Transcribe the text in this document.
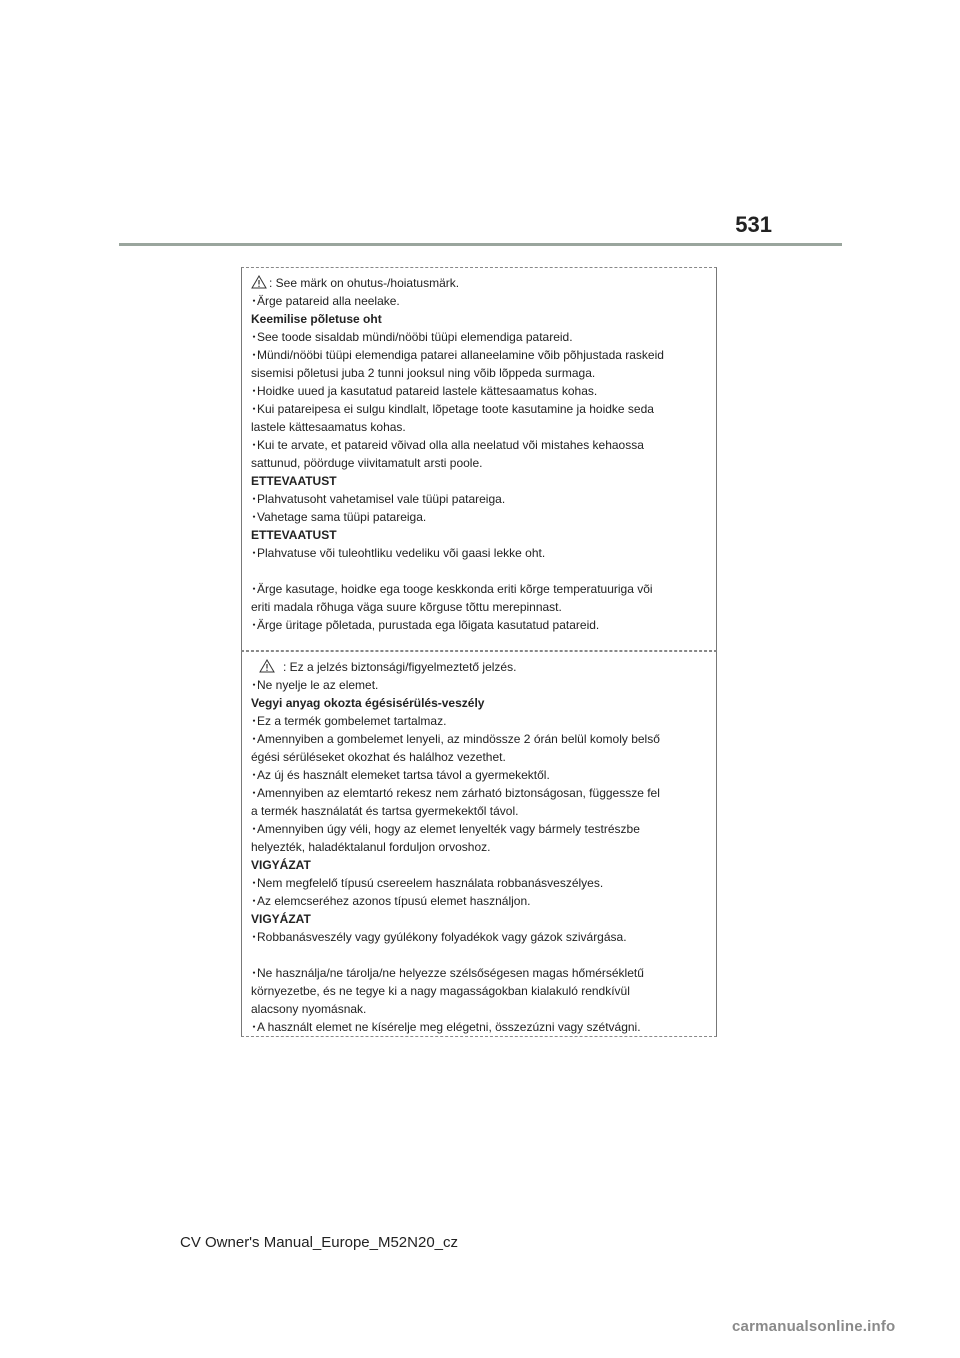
531
: See märk on ohutus-/hoiatusmärk.
･Ärge patareid alla neelake.
Keemilise põletuse oht
･See toode sisaldab mündi/nööbi tüüpi elemendiga patareid.
･Mündi/nööbi tüüpi elemendiga patarei allaneelamine võib põhjustada raskeid
sisemisi põletusi juba 2 tunni jooksul ning võib lõppeda surmaga.
･Hoidke uued ja kasutatud patareid lastele kättesaamatus kohas.
･Kui patareipesa ei sulgu kindlalt, lõpetage toote kasutamine ja hoidke seda
lastele kättesaamatus kohas.
･Kui te arvate, et patareid võivad olla alla neelatud või mistahes kehaossa
sattunud, pöörduge viivitamatult arsti poole.
ETTEVAATUST
･Plahvatusoht vahetamisel vale tüüpi patareiga.
･Vahetage sama tüüpi patareiga.
ETTEVAATUST
･Plahvatuse või tuleohtliku vedeliku või gaasi lekke oht.
･Ärge kasutage, hoidke ega tooge keskkonda eriti kõrge temperatuuriga või
eriti madala rõhuga väga suure kõrguse tõttu merepinnast.
･Ärge üritage põletada, purustada ega lõigata kasutatud patareid.
: Ez a jelzés biztonsági/figyelmeztető jelzés.
･Ne nyelje le az elemet.
Vegyi anyag okozta égésisérülés-veszély
･Ez a termék gombelemet tartalmaz.
･Amennyiben a gombelemet lenyeli, az mindössze 2 órán belül komoly belső
égési sérüléseket okozhat és halálhoz vezethet.
･Az új és használt elemeket tartsa távol a gyermekektől.
･Amennyiben az elemtartó rekesz nem zárható biztonságosan, függessze fel
a termék használatát és tartsa gyermekektől távol.
･Amennyiben úgy véli, hogy az elemet lenyelték vagy bármely testrészbe
helyezték, haladéktalanul forduljon orvoshoz.
VIGYÁZAT
･Nem megfelelő típusú csereelem használata robbanásveszélyes.
･Az elemcseréhez azonos típusú elemet használjon.
VIGYÁZAT
･Robbanásveszély vagy gyúlékony folyadékok vagy gázok szivárgása.
･Ne használja/ne tárolja/ne helyezze szélsőségesen magas hőmérsékletű
környezetbe, és ne tegye ki a nagy magasságokban kialakuló rendkívül
alacsony nyomásnak.
･A használt elemet ne kísérelje meg elégetni, összezúzni vagy szétvágni.
CV Owner's Manual_Europe_M52N20_cz
carmanualsonline.info
